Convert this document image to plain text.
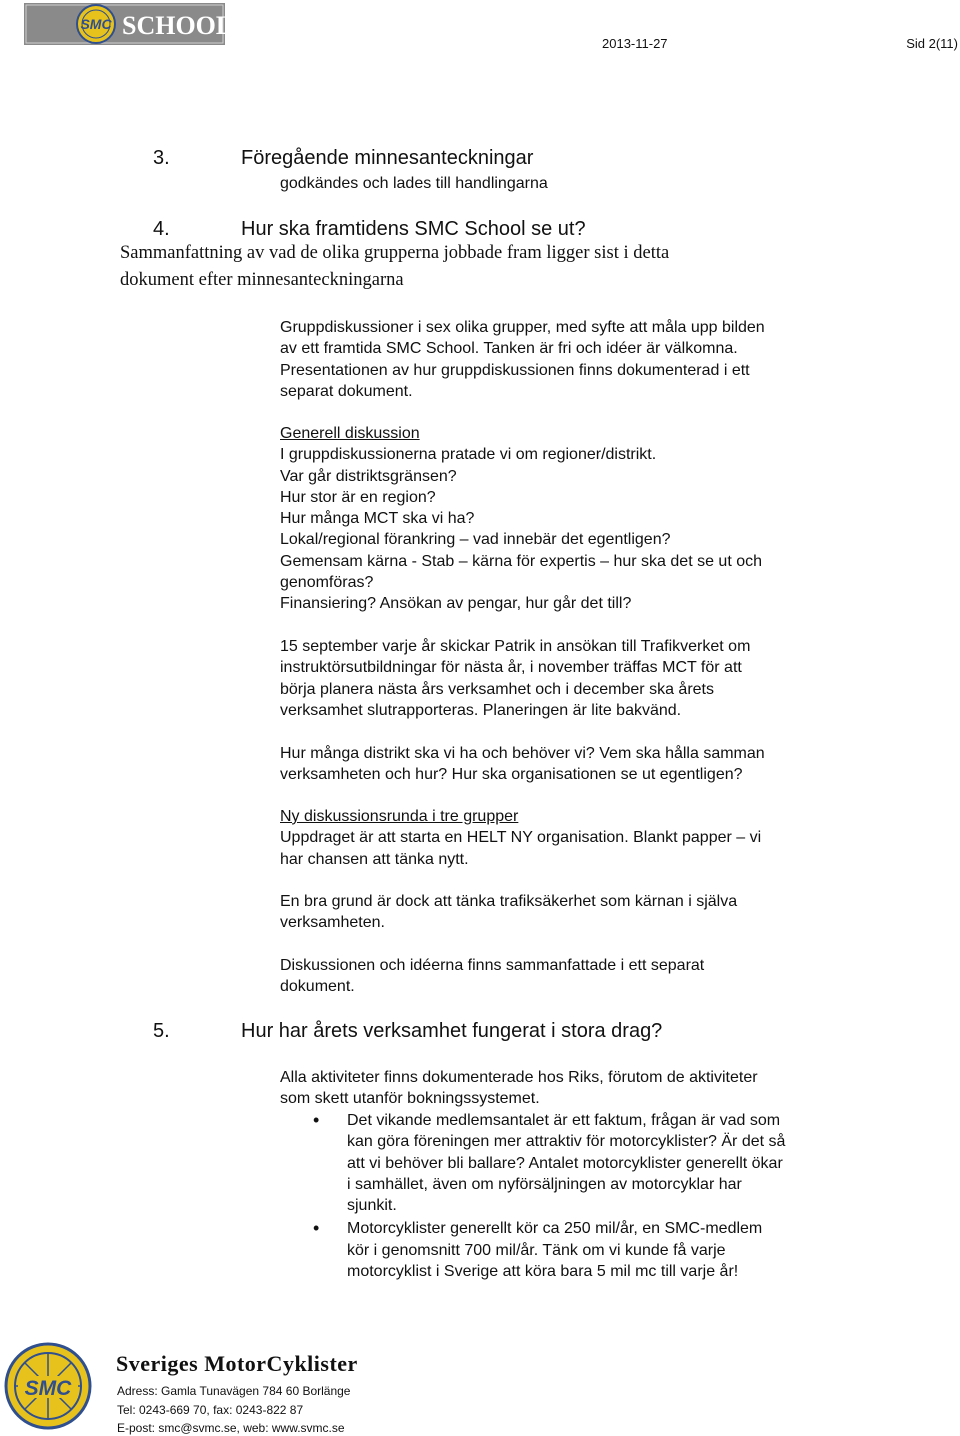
SMC SCHOOL
2013-11-27	Sid 2(11)
3.	Föregående minnesanteckningar
godkändes och lades till handlingarna
4.	Hur ska framtidens SMC School se ut?
Sammanfattning av vad de olika grupperna jobbade fram ligger sist i detta
dokument efter minnesanteckningarna
Gruppdiskussioner i sex olika grupper, med syfte att måla upp bilden
av ett framtida SMC School. Tanken är fri och idéer är välkomna.
Presentationen av hur gruppdiskussionen finns dokumenterad i ett
separat dokument.
Generell diskussion
I gruppdiskussionerna pratade vi om regioner/distrikt.
Var går distriktsgränsen?
Hur stor är en region?
Hur många MCT ska vi ha?
Lokal/regional förankring – vad innebär det egentligen?
Gemensam kärna - Stab – kärna för expertis – hur ska det se ut och
genomföras?
Finansiering? Ansökan av pengar, hur går det till?
15 september varje år skickar Patrik in ansökan till Trafikverket om
instruktörsutbildningar för nästa år, i november träffas MCT för att
börja planera nästa års verksamhet och i december ska årets
verksamhet slutrapporteras. Planeringen är lite bakvänd.
Hur många distrikt ska vi ha och behöver vi? Vem ska hålla samman
verksamheten och hur? Hur ska organisationen se ut egentligen?
Ny diskussionsrunda i tre grupper
Uppdraget är att starta en HELT NY organisation. Blankt papper – vi
har chansen att tänka nytt.
En bra grund är dock att tänka trafiksäkerhet som kärnan i själva
verksamheten.
Diskussionen och idéerna finns sammanfattade i ett separat
dokument.
5.	Hur har årets verksamhet fungerat i stora drag?
Alla aktiviteter finns dokumenterade hos Riks, förutom de aktiviteter
som skett utanför bokningssystemet.
• Det vikande medlemsantalet är ett faktum, frågan är vad som
kan göra föreningen mer attraktiv för motorcyklister? Är det så
att vi behöver bli ballare? Antalet motorcyklister generellt ökar
i samhället, även om nyförsäljningen av motorcyklar har
sjunkit.
• Motorcyklister generellt kör ca 250 mil/år, en SMC-medlem
kör i genomsnitt 700 mil/år. Tänk om vi kunde få varje
motorcyklist i Sverige att köra bara 5 mil mc till varje år!
SMC
Sveriges MotorCyklister
Adress: Gamla Tunavägen 784 60 Borlänge
Tel: 0243-669 70, fax: 0243-822 87
E-post: smc@svmc.se, web: www.svmc.se
